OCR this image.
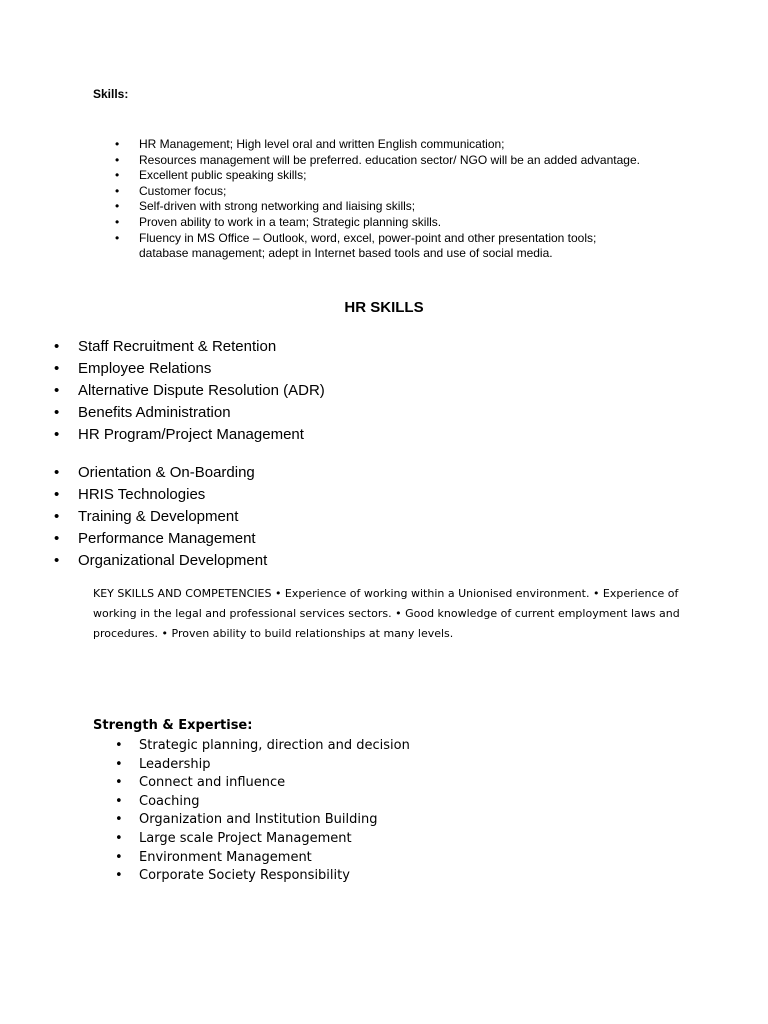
Skills:
• HR Management; High level oral and written English communication;
• Resources management will be preferred. education sector/ NGO will be an added advantage.
• Excellent public speaking skills;
• Customer focus;
• Self-driven with strong networking and liaising skills;
• Proven ability to work in a team; Strategic planning skills.
• Fluency in MS Office – Outlook, word, excel, power-point and other presentation tools; database management; adept in Internet based tools and use of social media.
HR SKILLS
• Staff Recruitment & Retention
• Employee Relations
• Alternative Dispute Resolution (ADR)
• Benefits Administration
• HR Program/Project Management
• Orientation & On-Boarding
• HRIS Technologies
• Training & Development
• Performance Management
• Organizational Development
KEY SKILLS AND COMPETENCIES • Experience of working within a Unionised environment. • Experience of working in the legal and professional services sectors. • Good knowledge of current employment laws and procedures. • Proven ability to build relationships at many levels.
Strength & Expertise:
• Strategic planning, direction and decision
• Leadership
• Connect and influence
• Coaching
• Organization and Institution Building
• Large scale Project Management
• Environment Management
• Corporate Society Responsibility
